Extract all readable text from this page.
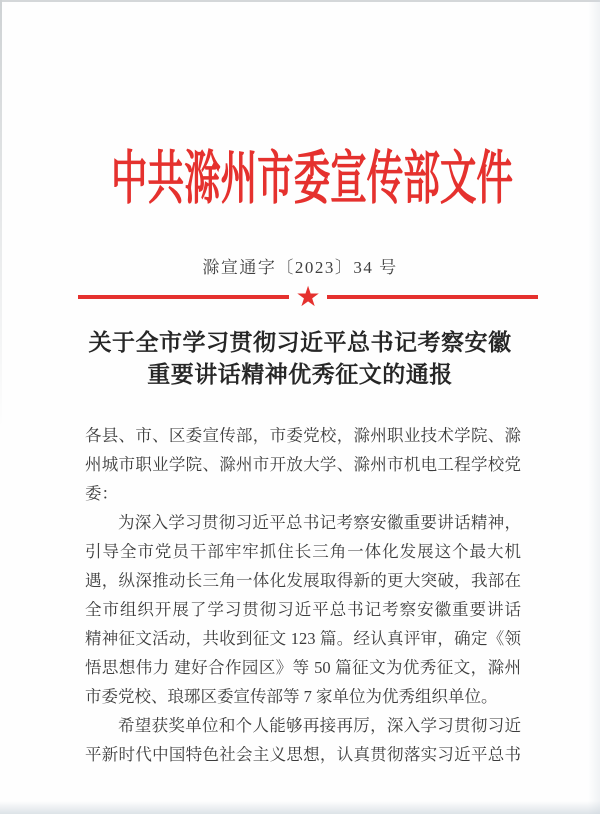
中共滁州市委宣传部文件
滁宣通字〔2023〕34 号
★
关于全市学习贯彻习近平总书记考察安徽
重要讲话精神优秀征文的通报
各县、市、区委宣传部，市委党校，滁州职业技术学院、滁
州城市职业学院、滁州市开放大学、滁州市机电工程学校党
委：
为深入学习贯彻习近平总书记考察安徽重要讲话精神，
引导全市党员干部牢牢抓住长三角一体化发展这个最大机
遇，纵深推动长三角一体化发展取得新的更大突破，我部在
全市组织开展了学习贯彻习近平总书记考察安徽重要讲话
精神征文活动，共收到征文 123 篇。经认真评审，确定《领
悟思想伟力 建好合作园区》等 50 篇征文为优秀征文，滁州
市委党校、琅琊区委宣传部等 7 家单位为优秀组织单位。
希望获奖单位和个人能够再接再厉，深入学习贯彻习近
平新时代中国特色社会主义思想，认真贯彻落实习近平总书
